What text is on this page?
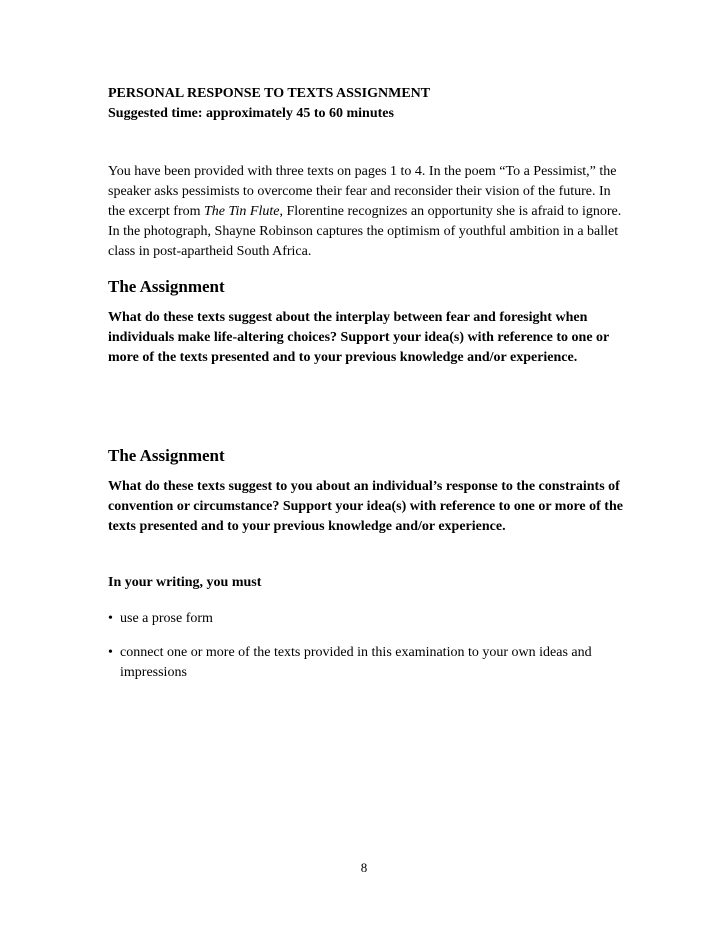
PERSONAL RESPONSE TO TEXTS ASSIGNMENT

Suggested time: approximately 45 to 60 minutes

You have been provided with three texts on pages 1 to 4. In the poem “To a Pessimist,” the speaker asks pessimists to overcome their fear and reconsider their vision of the future. In the excerpt from The Tin Flute, Florentine recognizes an opportunity she is afraid to ignore. In the photograph, Shayne Robinson captures the optimism of youthful ambition in a ballet class in post-apartheid South Africa.

The Assignment

What do these texts suggest about the interplay between fear and foresight when individuals make life-altering choices? Support your idea(s) with reference to one or more of the texts presented and to your previous knowledge and/or experience.

The Assignment

What do these texts suggest to you about an individual’s response to the constraints of convention or circumstance? Support your idea(s) with reference to one or more of the texts presented and to your previous knowledge and/or experience.

In your writing, you must

• use a prose form
• connect one or more of the texts provided in this examination to your own ideas and impressions
8
